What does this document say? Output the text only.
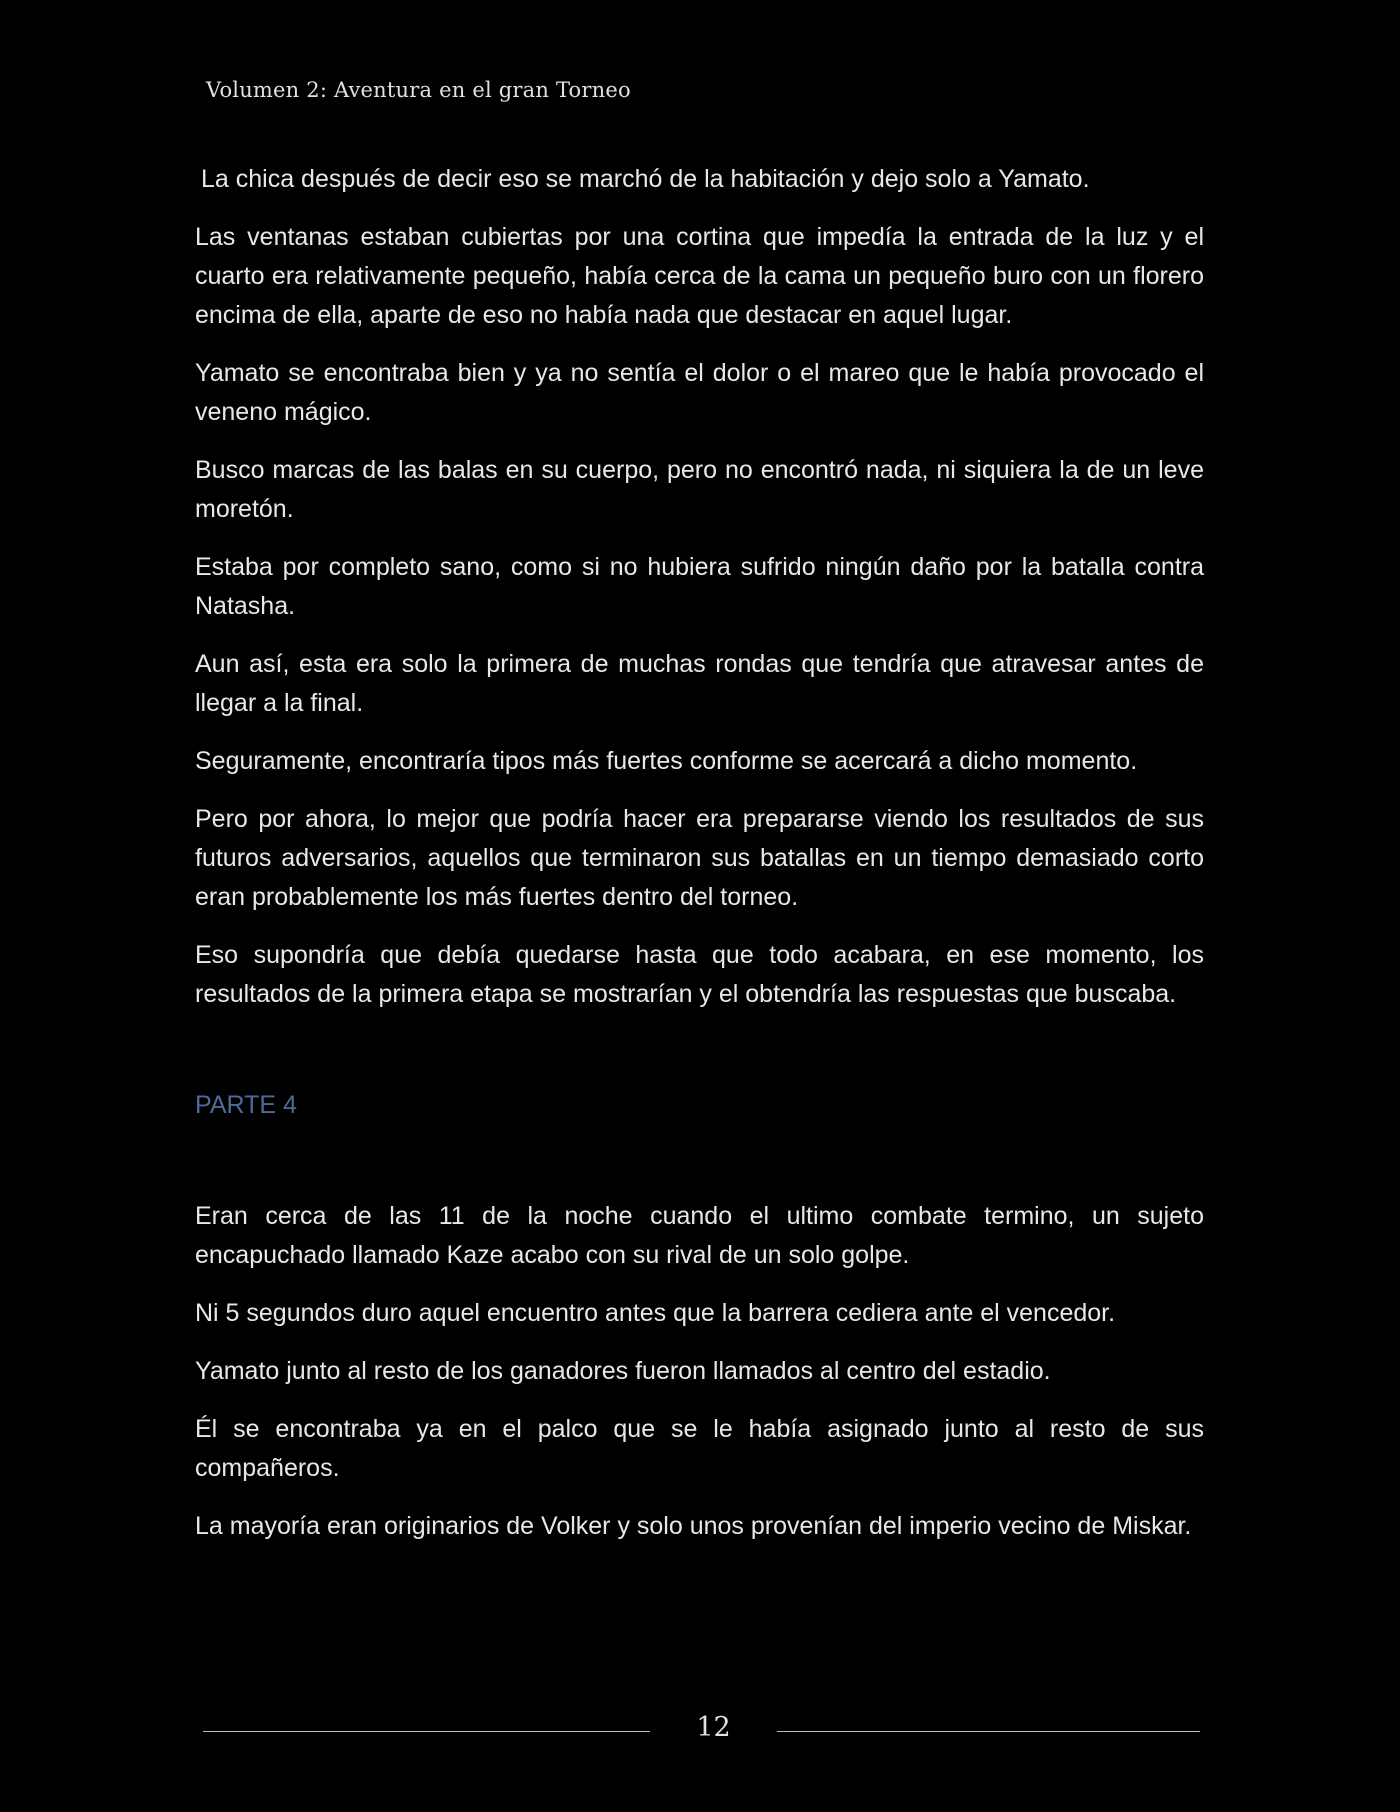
Volumen 2: Aventura en el gran Torneo

La chica después de decir eso se marchó de la habitación y dejo solo a Yamato.

Las ventanas estaban cubiertas por una cortina que impedía la entrada de la luz y el cuarto era relativamente pequeño, había cerca de la cama un pequeño buro con un florero encima de ella, aparte de eso no había nada que destacar en aquel lugar.

Yamato se encontraba bien y ya no sentía el dolor o el mareo que le había provocado el veneno mágico.

Busco marcas de las balas en su cuerpo, pero no encontró nada, ni siquiera la de un leve moretón.

Estaba por completo sano, como si no hubiera sufrido ningún daño por la batalla contra Natasha.

Aun así, esta era solo la primera de muchas rondas que tendría que atravesar antes de llegar a la final.

Seguramente, encontraría tipos más fuertes conforme se acercará a dicho momento.

Pero por ahora, lo mejor que podría hacer era prepararse viendo los resultados de sus futuros adversarios, aquellos que terminaron sus batallas en un tiempo demasiado corto eran probablemente los más fuertes dentro del torneo.

Eso supondría que debía quedarse hasta que todo acabara, en ese momento, los resultados de la primera etapa se mostrarían y el obtendría las respuestas que buscaba.

PARTE 4

Eran cerca de las 11 de la noche cuando el ultimo combate termino, un sujeto encapuchado llamado Kaze acabo con su rival de un solo golpe.

Ni 5 segundos duro aquel encuentro antes que la barrera cediera ante el vencedor.

Yamato junto al resto de los ganadores fueron llamados al centro del estadio.

Él se encontraba ya en el palco que se le había asignado junto al resto de sus compañeros.

La mayoría eran originarios de Volker y solo unos provenían del imperio vecino de Miskar.

12
